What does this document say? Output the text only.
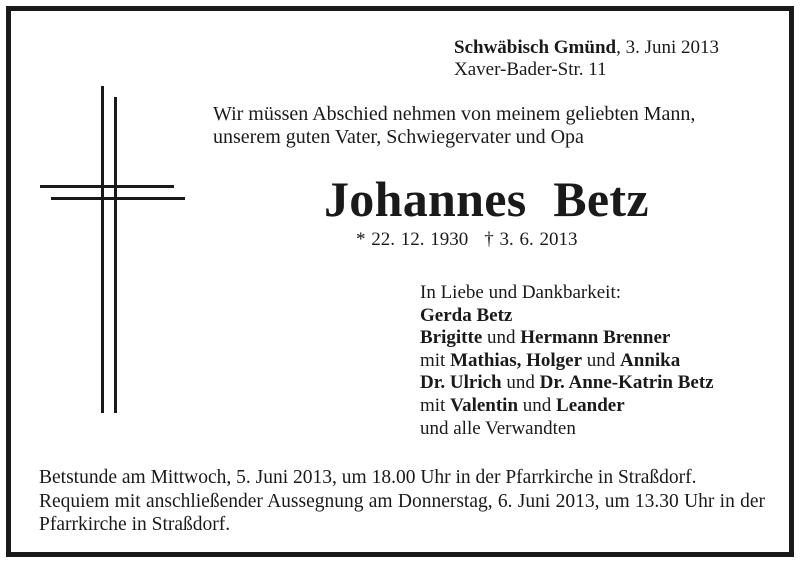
Schwäbisch Gmünd, 3. Juni 2013
Xaver-Bader-Str. 11
Wir müssen Abschied nehmen von meinem geliebten Mann,
unserem guten Vater, Schwiegervater und Opa
Johannes Betz
* 22. 12. 1930 † 3. 6. 2013
In Liebe und Dankbarkeit:
Gerda Betz
Brigitte und Hermann Brenner
mit Mathias, Holger und Annika
Dr. Ulrich und Dr. Anne-Katrin Betz
mit Valentin und Leander
und alle Verwandten

Betstunde am Mittwoch, 5. Juni 2013, um 18.00 Uhr in der Pfarrkirche in Straßdorf.

Requiem mit anschließender Aussegnung am Donnerstag, 6. Juni 2013, um 13.30 Uhr in der Pfarrkirche in Straßdorf.
